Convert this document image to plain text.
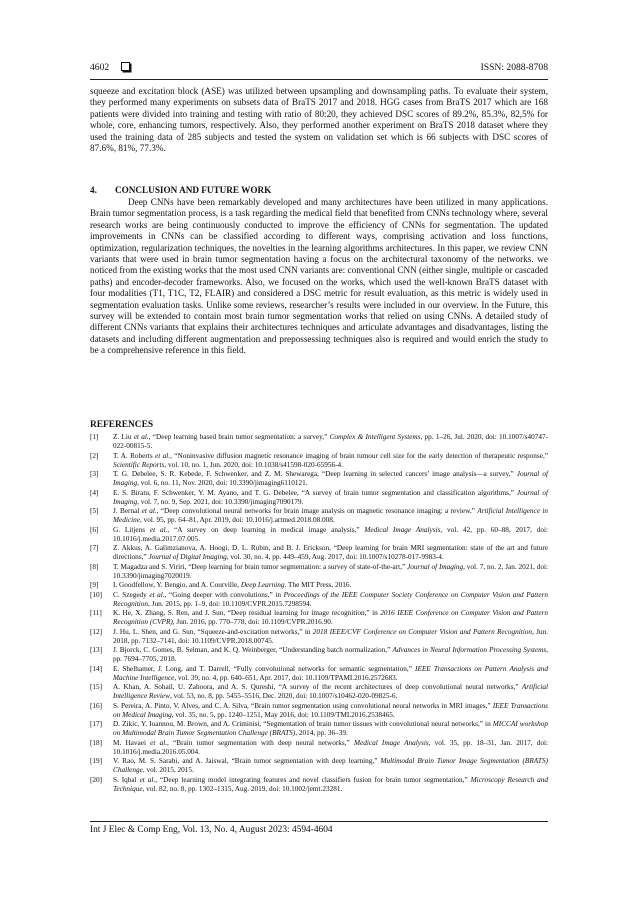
4602	ISSN: 2088-8708
squeeze and excitation block (ASE) was utilized between upsampling and downsampling paths. To evaluate their system, they performed many experiments on subsets data of BraTS 2017 and 2018. HGG cases from BraTS 2017 which are 168 patients were divided into training and testing with ratio of 80:20, they achieved DSC scores of 89.2%, 85.3%, 82,5% for whole, core, enhancing tumors, respectively. Also, they performed another experiment on BraTS 2018 dataset where they used the training data of 285 subjects and tested the system on validation set which is 66 subjects with DSC scores of 87.6%, 81%, 77.3%.
4. CONCLUSION AND FUTURE WORK
Deep CNNs have been remarkably developed and many architectures have been utilized in many applications. Brain tumor segmentation process, is a task regarding the medical field that benefited from CNNs technology where, several research works are being continuously conducted to improve the efficiency of CNNs for segmentation. The updated improvements in CNNs can be classified according to different ways, comprising activation and loss functions, optimization, regularization techniques, the novelties in the learning algorithms architectures. In this paper, we review CNN variants that were used in brain tumor segmentation having a focus on the architectural taxonomy of the networks. we noticed from the existing works that the most used CNN variants are: conventional CNN (either single, multiple or cascaded paths) and encoder-decoder frameworks. Also, we focused on the works, which used the well-known BraTS dataset with four modalities (T1, T1C, T2, FLAIR) and considered a DSC metric for result evaluation, as this metric is widely used in segmentation evaluation tasks. Unlike some reviews, researcher’s results were included in our overview. In the Future, this survey will be extended to contain most brain tumor segmentation works that relied on using CNNs. A detailed study of different CNNs variants that explains their architectures techniques and articulate advantages and disadvantages, listing the datasets and including different augmentation and prepossessing techniques also is required and would enrich the study to be a comprehensive reference in this field.
REFERENCES
[1]	Z. Liu et al., “Deep learning based brain tumor segmentation: a survey,” Complex & Intelligent Systems, pp. 1–26, Jul. 2020, doi: 10.1007/s40747-022-00815-5.
[2]	T. A. Roberts et al., “Noninvasive diffusion magnetic resonance imaging of brain tumour cell size for the early detection of therapeutic response,” Scientific Reports, vol. 10, no. 1, Jun. 2020, doi: 10.1038/s41598-020-65956-4.
[3]	T. G. Debelee, S. R. Kebede, F. Schwenker, and Z. M. Shewarega, “Deep learning in selected cancers’ image analysis—a survey,” Journal of Imaging, vol. 6, no. 11, Nov. 2020, doi: 10.3390/jimaging6110121.
[4]	E. S. Biratu, F. Schwenker, Y. M. Ayano, and T. G. Debelee, “A survey of brain tumor segmentation and classification algorithms,” Journal of Imaging, vol. 7, no. 9, Sep. 2021, doi: 10.3390/jimaging7090179.
[5]	J. Bernal et al., “Deep convolutional neural networks for brain image analysis on magnetic resonance imaging: a review,” Artificial Intelligence in Medicine, vol. 95, pp. 64–81, Apr. 2019, doi: 10.1016/j.artmed.2018.08.008.
[6]	G. Litjens et al., “A survey on deep learning in medical image analysis,” Medical Image Analysis, vol. 42, pp. 60–88, 2017, doi: 10.1016/j.media.2017.07.005.
[7]	Z. Akkus, A. Galimzianova, A. Hoogi, D. L. Rubin, and B. J. Erickson, “Deep learning for brain MRI segmentation: state of the art and future directions,” Journal of Digital Imaging, vol. 30, no. 4, pp. 449–459, Aug. 2017, doi: 10.1007/s10278-017-9983-4.
[8]	T. Magadza and S. Viriri, “Deep learning for brain tumor segmentation: a survey of state-of-the-art,” Journal of Imaging, vol. 7, no. 2, Jan. 2021, doi: 10.3390/jimaging7020019.
[9]	I. Goodfellow, Y. Bengio, and A. Courville, Deep Learning. The MIT Press, 2016.
[10]	C. Szegedy et al., “Going deeper with convolutions,” in Proceedings of the IEEE Computer Society Conference on Computer Vision and Pattern Recognition, Jun. 2015, pp. 1–9, doi: 10.1109/CVPR.2015.7298594.
[11]	K. He, X. Zhang, S. Ren, and J. Sun, “Deep residual learning for image recognition,” in 2016 IEEE Conference on Computer Vision and Pattern Recognition (CVPR), Jun. 2016, pp. 770–778, doi: 10.1109/CVPR.2016.90.
[12]	J. Hu, L. Shen, and G. Sun, “Squeeze-and-excitation networks,” in 2018 IEEE/CVF Conference on Computer Vision and Pattern Recognition, Jun. 2018, pp. 7132–7141, doi: 10.1109/CVPR.2018.00745.
[13]	J. Bjorck, C. Gomes, B. Selman, and K. Q. Weinberger, “Understanding batch normalization,” Advances in Neural Information Processing Systems, pp. 7694–7705, 2018.
[14]	E. Shelhamer, J. Long, and T. Darrell, “Fully convolutional networks for semantic segmentation,” IEEE Transactions on Pattern Analysis and Machine Intelligence, vol. 39, no. 4, pp. 640–651, Apr. 2017, doi: 10.1109/TPAMI.2016.2572683.
[15]	A. Khan, A. Sohail, U. Zahoora, and A. S. Qureshi, “A survey of the recent architectures of deep convolutional neural networks,” Artificial Intelligence Review, vol. 53, no. 8, pp. 5455–5516, Dec. 2020, doi: 10.1007/s10462-020-09825-6.
[16]	S. Pereira, A. Pinto, V. Alves, and C. A. Silva, “Brain tumor segmentation using convolutional neural networks in MRI images,” IEEE Transactions on Medical Imaging, vol. 35, no. 5, pp. 1240–1251, May 2016, doi: 10.1109/TMI.2016.2538465.
[17]	D. Zikic, Y. Ioannou, M. Brown, and A. Criminisi, “Segmentation of brain tumor tissues with convolutional neural networks,” in MICCAI workshop on Multimodal Brain Tumor Segmentation Challenge (BRATS), 2014, pp. 36–39.
[18]	M. Havaei et al., “Brain tumor segmentation with deep neural networks,” Medical Image Analysis, vol. 35, pp. 18–31, Jan. 2017, doi: 10.1016/j.media.2016.05.004.
[19]	V. Rao, M. S. Sarabi, and A. Jaiswal, “Brain tumor segmentation with deep learning,” Multimodal Brain Tumor Image Segmentation (BRATS) Challenge, vol. 2015, 2015.
[20]	S. Iqbal et al., “Deep learning model integrating features and novel classifiers fusion for brain tumor segmentation,” Microscopy Research and Technique, vol. 82, no. 8, pp. 1302–1315, Aug. 2019, doi: 10.1002/jemt.23281.
Int J Elec & Comp Eng, Vol. 13, No. 4, August 2023: 4594-4604
